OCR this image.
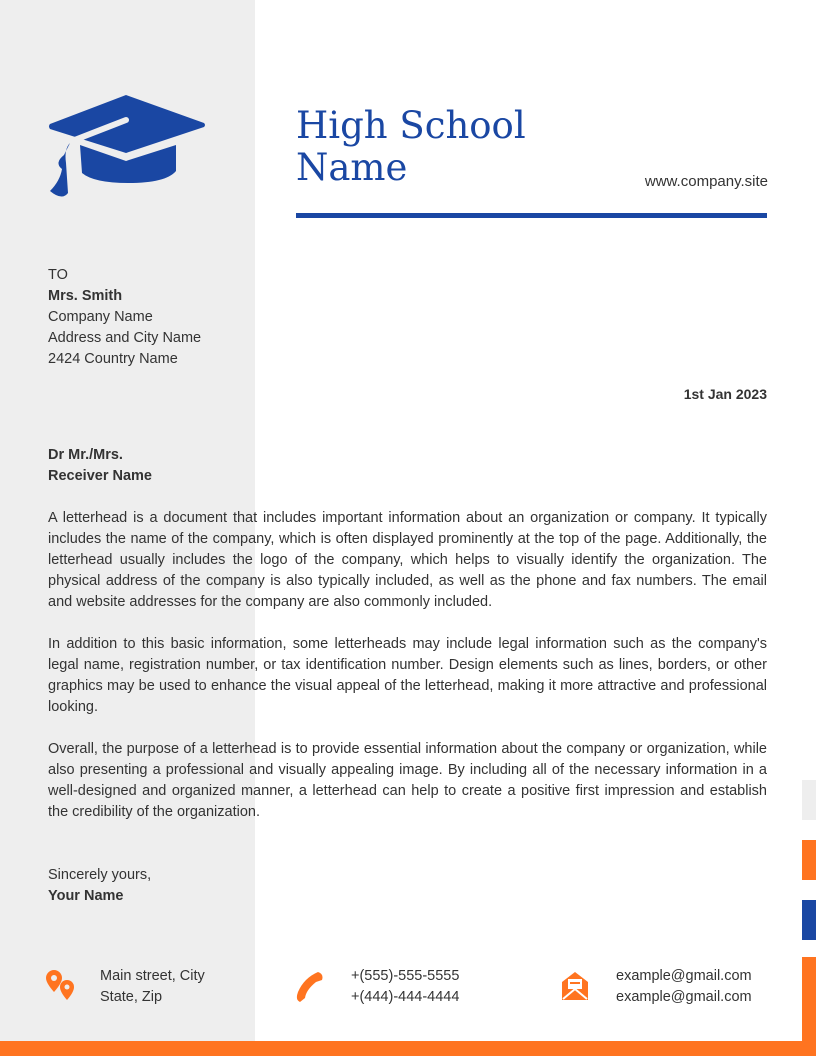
High School Name	www.company.site
TO
Mrs. Smith
Company Name
Address and City Name
2424 Country Name
1st Jan 2023
Dr Mr./Mrs.
Receiver Name

A letterhead is a document that includes important information about an organization or company. It typically includes the name of the company, which is often displayed prominently at the top of the page. Additionally, the letterhead usually includes the logo of the company, which helps to visually identify the organization. The physical address of the company is also typically included, as well as the phone and fax numbers. The email and website addresses for the company are also commonly included.

In addition to this basic information, some letterheads may include legal information such as the company's legal name, registration number, or tax identification number. Design elements such as lines, borders, or other graphics may be used to enhance the visual appeal of the letterhead, making it more attractive and professional looking.

Overall, the purpose of a letterhead is to provide essential information about the company or organization, while also presenting a professional and visually appealing image. By including all of the necessary information in a well-designed and organized manner, a letterhead can help to create a positive first impression and establish the credibility of the organization.

Sincerely yours,
Your Name
Main street, City
State, Zip
+(555)-555-5555
+(444)-444-4444
example@gmail.com
example@gmail.com
